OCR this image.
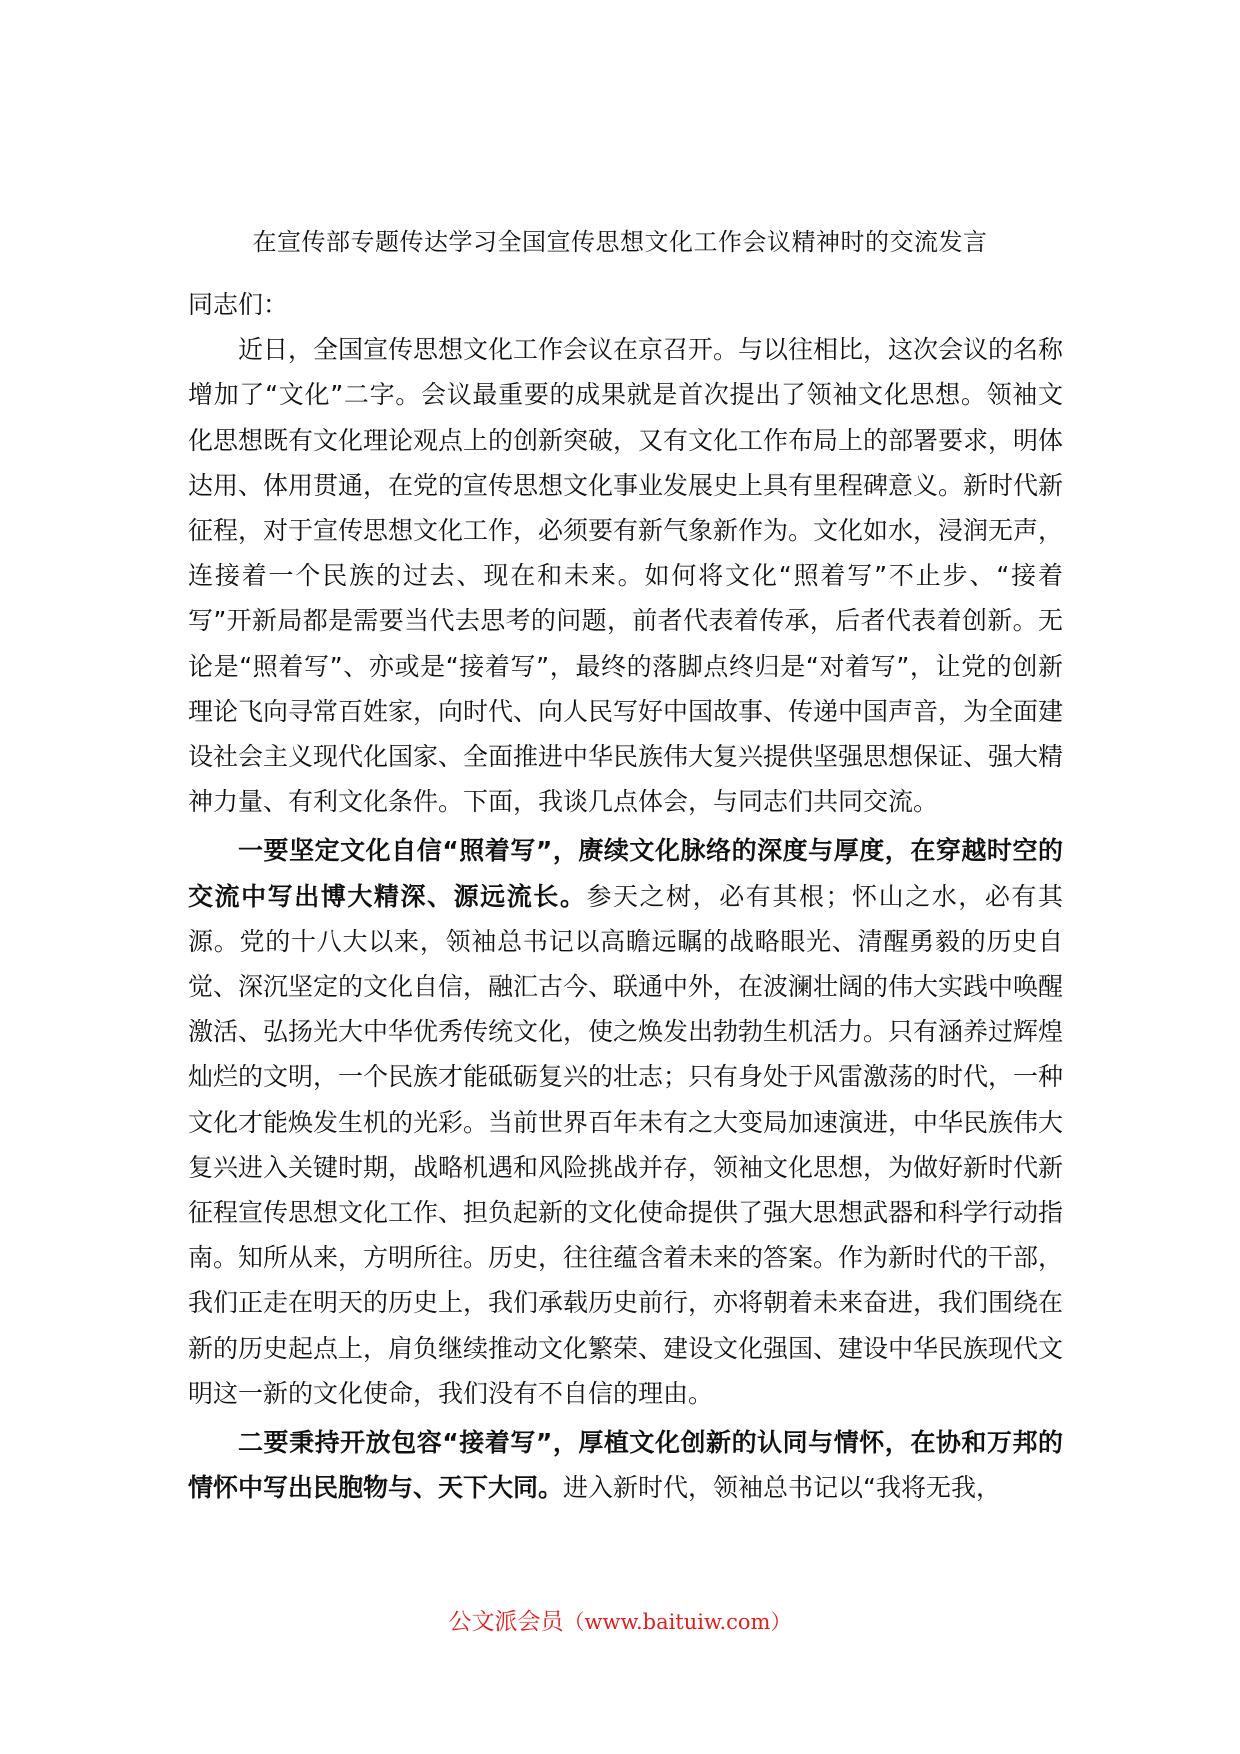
在宣传部专题传达学习全国宣传思想文化工作会议精神时的交流发言

同志们：

近日，全国宣传思想文化工作会议在京召开。与以往相比，这次会议的名称增加了“文化”二字。会议最重要的成果就是首次提出了领袖文化思想。领袖文化思想既有文化理论观点上的创新突破，又有文化工作布局上的部署要求，明体达用、体用贯通，在党的宣传思想文化事业发展史上具有里程碑意义。新时代新征程，对于宣传思想文化工作，必须要有新气象新作为。文化如水，浸润无声，连接着一个民族的过去、现在和未来。如何将文化“照着写”不止步、“接着写”开新局都是需要当代去思考的问题，前者代表着传承，后者代表着创新。无论是“照着写”、亦或是“接着写”，最终的落脚点终归是“对着写”，让党的创新理论飞向寻常百姓家，向时代、向人民写好中国故事、传递中国声音，为全面建设社会主义现代化国家、全面推进中华民族伟大复兴提供坚强思想保证、强大精神力量、有利文化条件。下面，我谈几点体会，与同志们共同交流。

一要坚定文化自信“照着写”，赓续文化脉络的深度与厚度，在穿越时空的交流中写出博大精深、源远流长。参天之树，必有其根；怀山之水，必有其源。党的十八大以来，领袖总书记以高瞻远瞩的战略眼光、清醒勇毅的历史自觉、深沉坚定的文化自信，融汇古今、联通中外，在波澜壮阔的伟大实践中唤醒激活、弘扬光大中华优秀传统文化，使之焕发出勃勃生机活力。只有涵养过辉煌灿烂的文明，一个民族才能砥砺复兴的壮志；只有身处于风雷激荡的时代，一种文化才能焕发生机的光彩。当前世界百年未有之大变局加速演进，中华民族伟大复兴进入关键时期，战略机遇和风险挑战并存，领袖文化思想，为做好新时代新征程宣传思想文化工作、担负起新的文化使命提供了强大思想武器和科学行动指南。知所从来，方明所往。历史，往往蕴含着未来的答案。作为新时代的干部，我们正走在明天的历史上，我们承载历史前行，亦将朝着未来奋进，我们围绕在新的历史起点上，肩负继续推动文化繁荣、建设文化强国、建设中华民族现代文明这一新的文化使命，我们没有不自信的理由。

二要秉持开放包容“接着写”，厚植文化创新的认同与情怀，在协和万邦的情怀中写出民胞物与、天下大同。进入新时代，领袖总书记以“我将无我，

公文派会员（www.baituiw.com）
